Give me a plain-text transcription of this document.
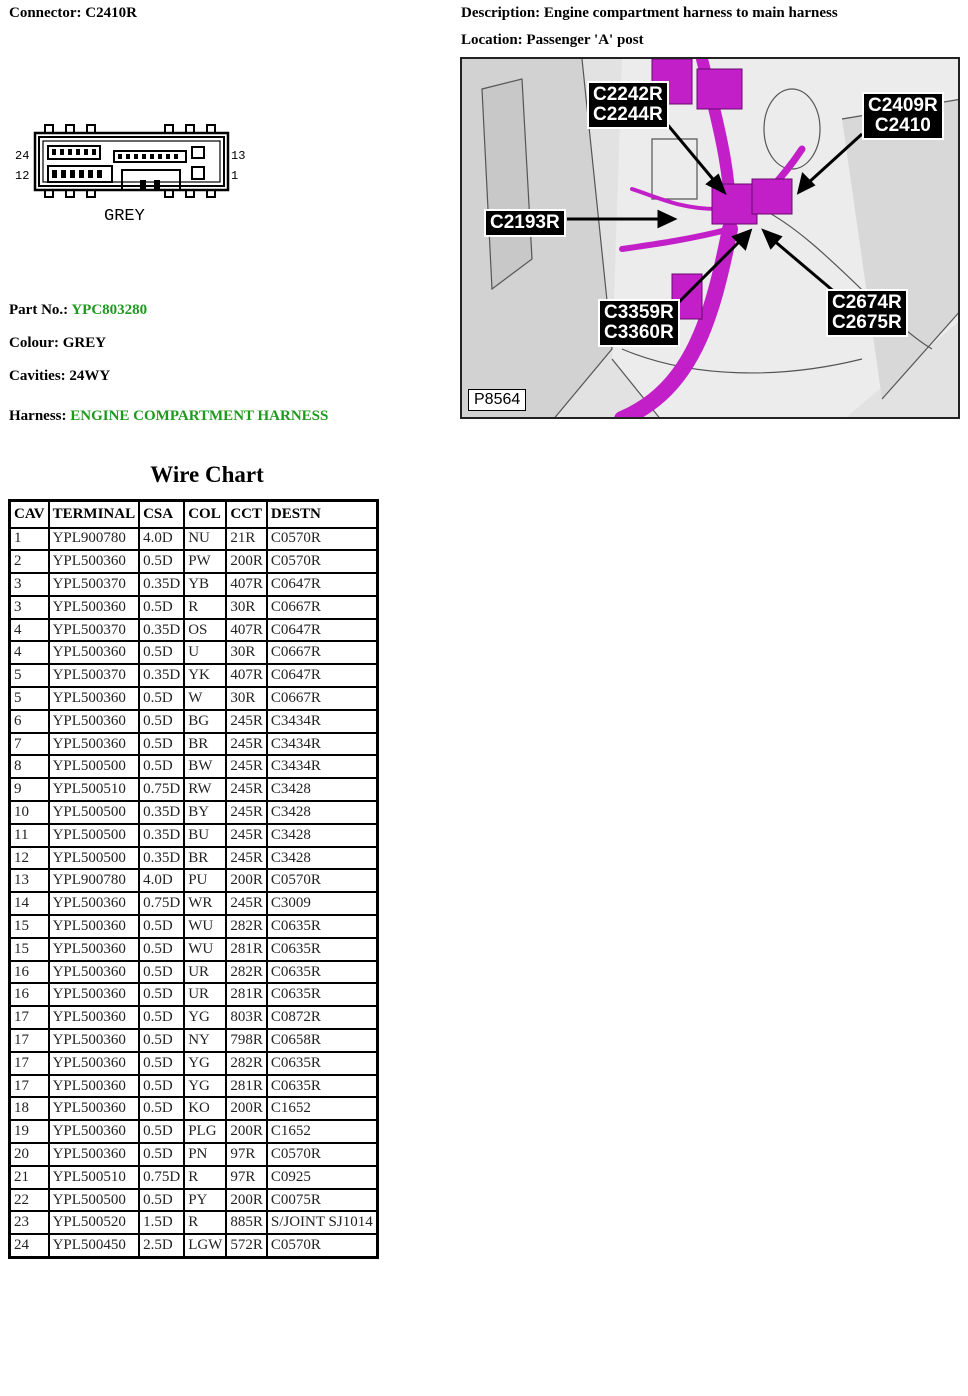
Connector: C2410R	Description: Engine compartment harness to main harness
Location: Passenger 'A' post
24
12
13
1
GREY
Part No.: YPC803280
Colour: GREY
Cavities: 24WY
Harness: ENGINE COMPARTMENT HARNESS
C2242R
C2244R	C2409R
C2410
C2193R
C3359R
C3360R
C2674R
C2675R
P8564
Wire Chart
CAV	TERMINAL	CSA	COL	CCT	DESTN
1	YPL900780	4.0D	NU	21R	C0570R
2	YPL500360	0.5D	PW	200R	C0570R
3	YPL500370	0.35D	YB	407R	C0647R
3	YPL500360	0.5D	R	30R	C0667R
4	YPL500370	0.35D	OS	407R	C0647R
4	YPL500360	0.5D	U	30R	C0667R
5	YPL500370	0.35D	YK	407R	C0647R
5	YPL500360	0.5D	W	30R	C0667R
6	YPL500360	0.5D	BG	245R	C3434R
7	YPL500360	0.5D	BR	245R	C3434R
8	YPL500500	0.5D	BW	245R	C3434R
9	YPL500510	0.75D	RW	245R	C3428
10	YPL500500	0.35D	BY	245R	C3428
11	YPL500500	0.35D	BU	245R	C3428
12	YPL500500	0.35D	BR	245R	C3428
13	YPL900780	4.0D	PU	200R	C0570R
14	YPL500360	0.75D	WR	245R	C3009
15	YPL500360	0.5D	WU	282R	C0635R
15	YPL500360	0.5D	WU	281R	C0635R
16	YPL500360	0.5D	UR	282R	C0635R
16	YPL500360	0.5D	UR	281R	C0635R
17	YPL500360	0.5D	YG	803R	C0872R
17	YPL500360	0.5D	NY	798R	C0658R
17	YPL500360	0.5D	YG	282R	C0635R
17	YPL500360	0.5D	YG	281R	C0635R
18	YPL500360	0.5D	KO	200R	C1652
19	YPL500360	0.5D	PLG	200R	C1652
20	YPL500360	0.5D	PN	97R	C0570R
21	YPL500510	0.75D	R	97R	C0925
22	YPL500500	0.5D	PY	200R	C0075R
23	YPL500520	1.5D	R	885R	S/JOINT SJ1014
24	YPL500450	2.5D	LGW	572R	C0570R
